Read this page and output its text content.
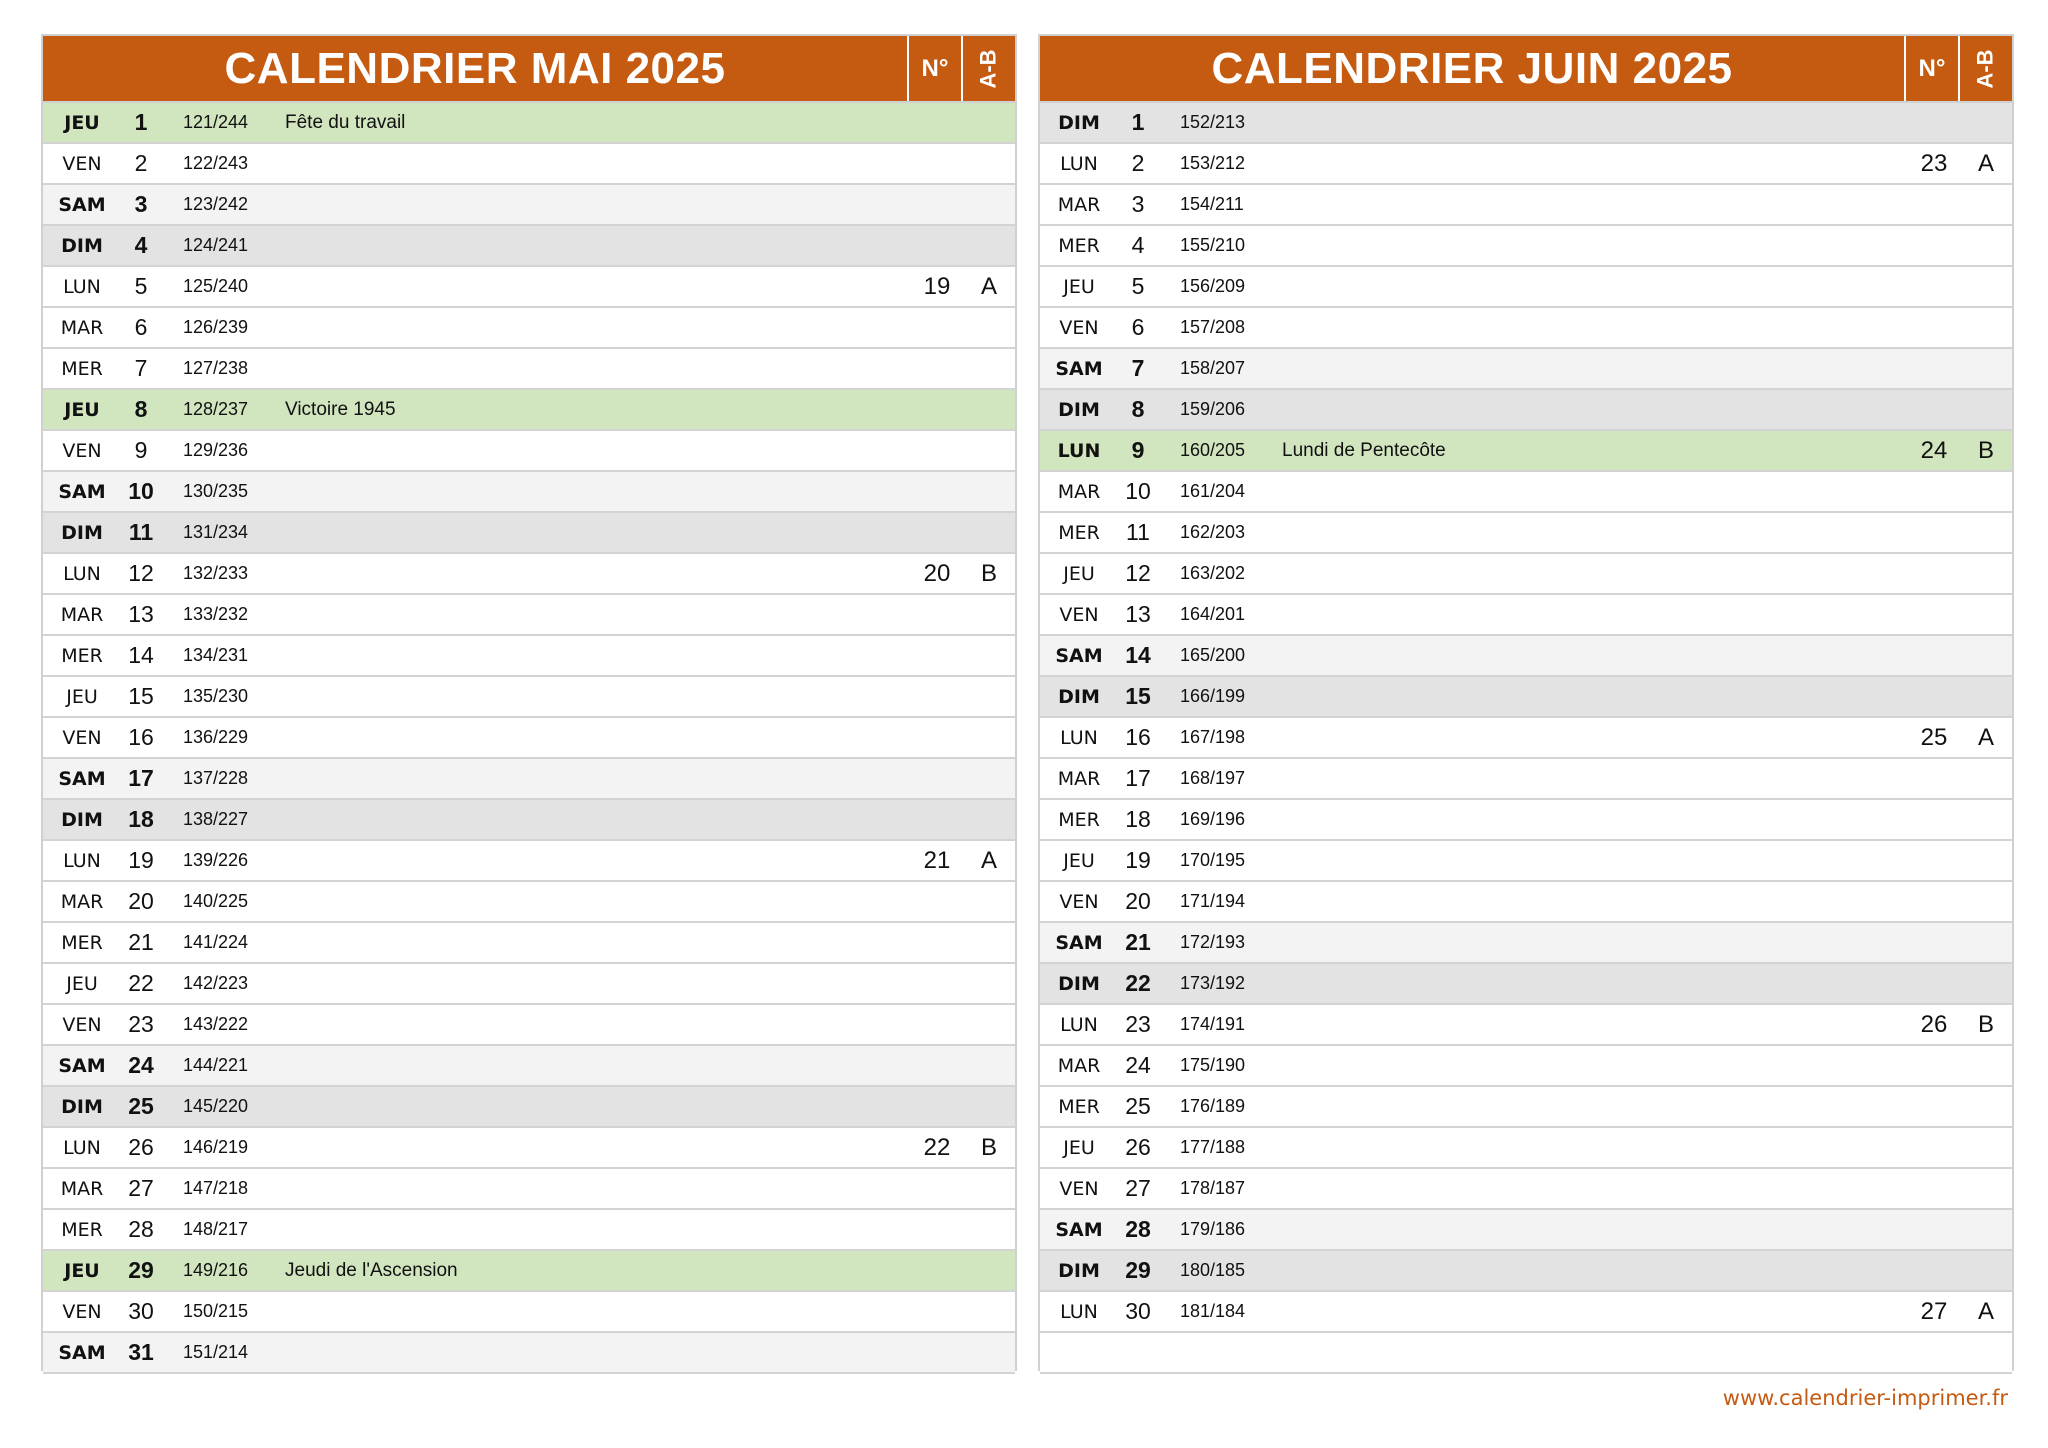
CALENDRIER MAI 2025	N°	A-B
JEU	1	121/244	Fête du travail
VEN	2	122/243
SAM	3	123/242
DIM	4	124/241
LUN	5	125/240	19	A
MAR	6	126/239
MER	7	127/238
JEU	8	128/237	Victoire 1945
VEN	9	129/236
SAM 10	130/235
DIM	11	131/234
LUN	12	132/233	20	B
MAR	13	133/232
MER	14	134/231
JEU	15	135/230
VEN	16	136/229
SAM 17	137/228
DIM	18	138/227
LUN	19	139/226	21	A
MAR	20	140/225
MER	21	141/224
JEU	22	142/223
VEN	23	143/222
SAM 24	144/221
DIM	25	145/220
LUN	26	146/219	22	B
MAR	27	147/218
MER	28	148/217
JEU	29	149/216	Jeudi de l'Ascension
VEN	30	150/215
SAM 31	151/214
CALENDRIER JUIN 2025	N°	A-B
DIM	1	152/213
LUN	2	153/212	23	A
MAR	3	154/211
MER	4	155/210
JEU	5	156/209
VEN	6	157/208
SAM	7	158/207
DIM	8	159/206
LUN	9	160/205	Lundi de Pentecôte	24	B
MAR	10	161/204
MER	11	162/203
JEU	12	163/202
VEN	13	164/201
SAM 14	165/200
DIM	15	166/199
LUN	16	167/198	25	A
MAR	17	168/197
MER	18	169/196
JEU	19	170/195
VEN	20	171/194
SAM 21	172/193
DIM	22	173/192
LUN	23	174/191	26	B
MAR	24	175/190
MER	25	176/189
JEU	26	177/188
VEN	27	178/187
SAM 28	179/186
DIM	29	180/185
LUN	30	181/184	27	A
www.calendrier-imprimer.fr
